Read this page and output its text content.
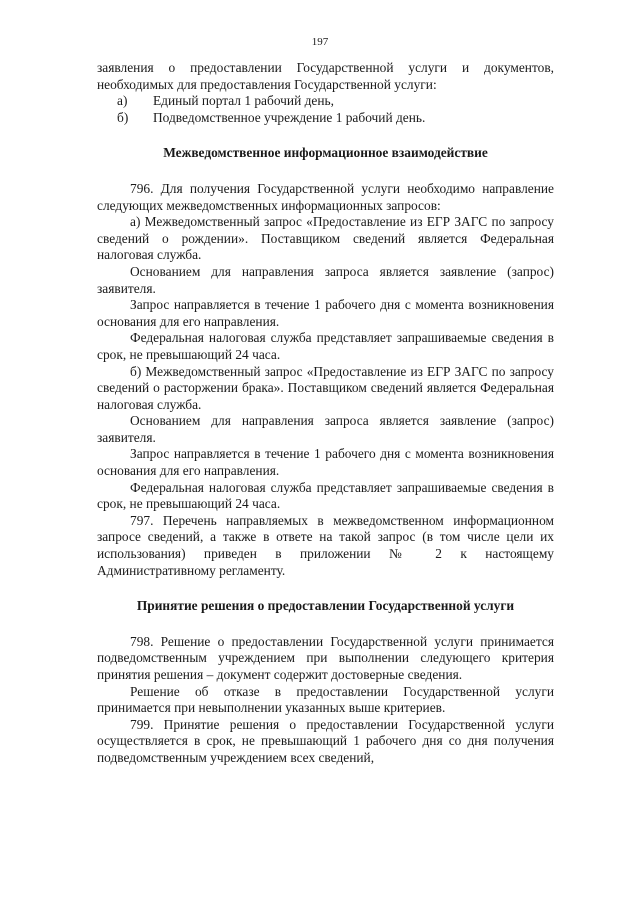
197

заявления о предоставлении Государственной услуги и документов, необходимых для предоставления Государственной услуги:

а)	Единый портал 1 рабочий день,
б)	Подведомственное учреждение 1 рабочий день.

Межведомственное информационное взаимодействие

796. Для получения Государственной услуги необходимо направление следующих межведомственных информационных запросов:

а) Межведомственный запрос «Предоставление из ЕГР ЗАГС по запросу сведений о рождении». Поставщиком сведений является Федеральная налоговая служба.

Основанием для направления запроса является заявление (запрос) заявителя.

Запрос направляется в течение 1 рабочего дня с момента возникновения основания для его направления.

Федеральная налоговая служба представляет запрашиваемые сведения в срок, не превышающий 24 часа.

б) Межведомственный запрос «Предоставление из ЕГР ЗАГС по запросу сведений о расторжении брака». Поставщиком сведений является Федеральная налоговая служба.

Основанием для направления запроса является заявление (запрос) заявителя.

Запрос направляется в течение 1 рабочего дня с момента возникновения основания для его направления.

Федеральная налоговая служба представляет запрашиваемые сведения в срок, не превышающий 24 часа.

797. Перечень направляемых в межведомственном информационном запросе сведений, а также в ответе на такой запрос (в том числе цели их использования) приведен в приложении № 2 к настоящему Административному регламенту.

Принятие решения о предоставлении Государственной услуги

798. Решение о предоставлении Государственной услуги принимается подведомственным учреждением при выполнении следующего критерия принятия решения – документ содержит достоверные сведения.

Решение об отказе в предоставлении Государственной услуги принимается при невыполнении указанных выше критериев.

799. Принятие решения о предоставлении Государственной услуги осуществляется в срок, не превышающий 1 рабочего дня со дня получения подведомственным учреждением всех сведений,
